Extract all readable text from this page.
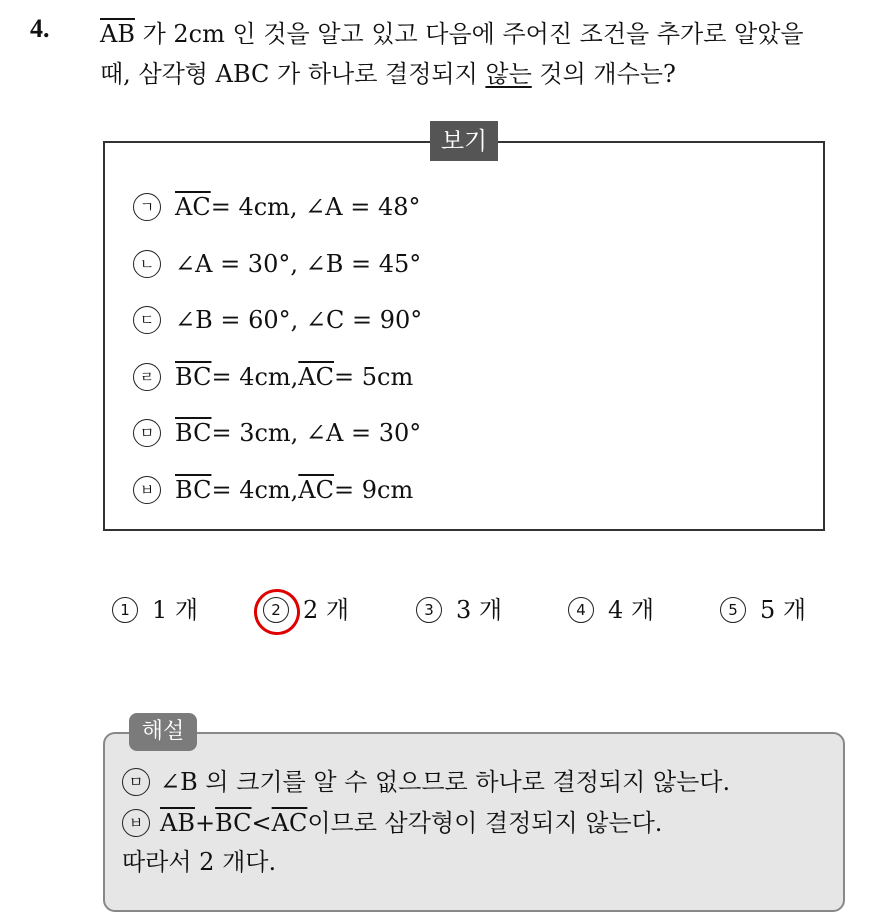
4. $\overline{AB}$ 가 2cm 인 것을 알고 있고 다음에 주어진 조건을 추가로 알았을
때, 삼각형 ABC 가 하나로 결정되지 않는 것의 개수는?
보기
ㄱ $\overline{AC} = 4cm$, ∠A = 48°
ㄴ ∠A = 30°, ∠B = 45°
ㄷ ∠B = 60°, ∠C = 90°
ㄹ $\overline{BC} = 4cm$, $\overline{AC} = 5cm$
ㅁ $\overline{BC} = 3cm$, ∠A = 30°
ㅂ $\overline{BC} = 4cm$, $\overline{AC} = 9cm$
1 1 개	2 2 개	3 3 개	4 4 개	5 5 개
해설
ㅁ ∠B 의 크기를 알 수 없으므로 하나로 결정되지 않는다.
ㅂ $\overline{AB} + \overline{BC} < \overline{AC}$ 이므로 삼각형이 결정되지 않는다.
따라서 2 개다.
